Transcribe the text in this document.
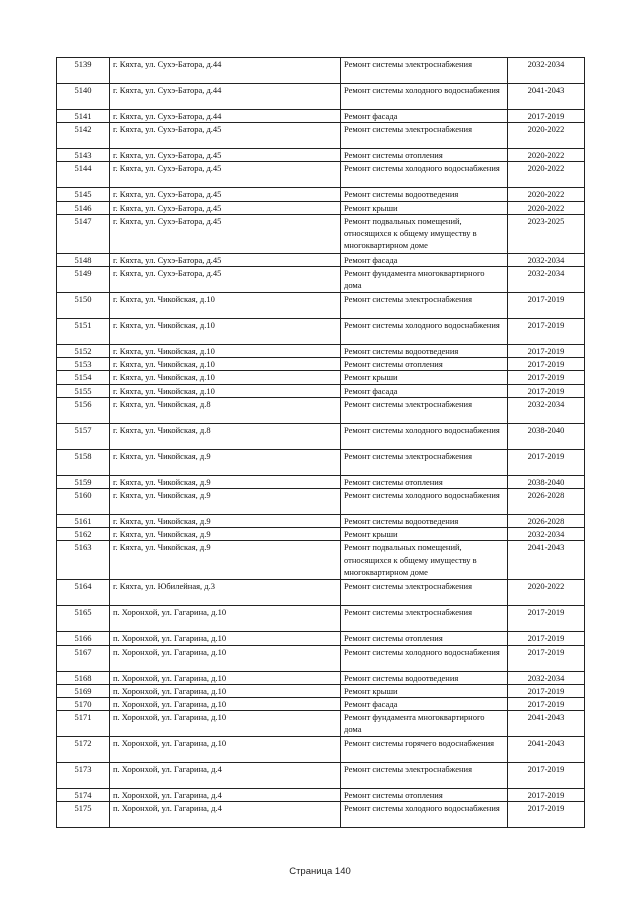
5139	г. Кяхта, ул. Сухэ-Батора, д.44	Ремонт системы электроснабжения	2032-2034
5140	г. Кяхта, ул. Сухэ-Батора, д.44	Ремонт системы холодного водоснабжения	2041-2043
5141	г. Кяхта, ул. Сухэ-Батора, д.44	Ремонт фасада	2017-2019
5142	г. Кяхта, ул. Сухэ-Батора, д.45	Ремонт системы электроснабжения	2020-2022
5143	г. Кяхта, ул. Сухэ-Батора, д.45	Ремонт системы отопления	2020-2022
5144	г. Кяхта, ул. Сухэ-Батора, д.45	Ремонт системы холодного водоснабжения	2020-2022
5145	г. Кяхта, ул. Сухэ-Батора, д.45	Ремонт системы водоотведения	2020-2022
5146	г. Кяхта, ул. Сухэ-Батора, д.45	Ремонт крыши	2020-2022
5147	г. Кяхта, ул. Сухэ-Батора, д.45	Ремонт подвальных помещений, относящихся к общему имуществу в многоквартирном доме	2023-2025
5148	г. Кяхта, ул. Сухэ-Батора, д.45	Ремонт фасада	2032-2034
5149	г. Кяхта, ул. Сухэ-Батора, д.45	Ремонт фундамента многоквартирного дома	2032-2034
5150	г. Кяхта, ул. Чикойская, д.10	Ремонт системы электроснабжения	2017-2019
5151	г. Кяхта, ул. Чикойская, д.10	Ремонт системы холодного водоснабжения	2017-2019
5152	г. Кяхта, ул. Чикойская, д.10	Ремонт системы водоотведения	2017-2019
5153	г. Кяхта, ул. Чикойская, д.10	Ремонт системы отопления	2017-2019
5154	г. Кяхта, ул. Чикойская, д.10	Ремонт крыши	2017-2019
5155	г. Кяхта, ул. Чикойская, д.10	Ремонт фасада	2017-2019
5156	г. Кяхта, ул. Чикойская, д.8	Ремонт системы электроснабжения	2032-2034
5157	г. Кяхта, ул. Чикойская, д.8	Ремонт системы холодного водоснабжения	2038-2040
5158	г. Кяхта, ул. Чикойская, д.9	Ремонт системы электроснабжения	2017-2019
5159	г. Кяхта, ул. Чикойская, д.9	Ремонт системы отопления	2038-2040
5160	г. Кяхта, ул. Чикойская, д.9	Ремонт системы холодного водоснабжения	2026-2028
5161	г. Кяхта, ул. Чикойская, д.9	Ремонт системы водоотведения	2026-2028
5162	г. Кяхта, ул. Чикойская, д.9	Ремонт крыши	2032-2034
5163	г. Кяхта, ул. Чикойская, д.9	Ремонт подвальных помещений, относящихся к общему имуществу в многоквартирном доме	2041-2043
5164	г. Кяхта, ул. Юбилейная, д.3	Ремонт системы электроснабжения	2020-2022
5165	п. Хоронхой, ул. Гагарина, д.10	Ремонт системы электроснабжения	2017-2019
5166	п. Хоронхой, ул. Гагарина, д.10	Ремонт системы отопления	2017-2019
5167	п. Хоронхой, ул. Гагарина, д.10	Ремонт системы холодного водоснабжения	2017-2019
5168	п. Хоронхой, ул. Гагарина, д.10	Ремонт системы водоотведения	2032-2034
5169	п. Хоронхой, ул. Гагарина, д.10	Ремонт крыши	2017-2019
5170	п. Хоронхой, ул. Гагарина, д.10	Ремонт фасада	2017-2019
5171	п. Хоронхой, ул. Гагарина, д.10	Ремонт фундамента многоквартирного дома	2041-2043
5172	п. Хоронхой, ул. Гагарина, д.10	Ремонт системы горячего водоснабжения	2041-2043
5173	п. Хоронхой, ул. Гагарина, д.4	Ремонт системы электроснабжения	2017-2019
5174	п. Хоронхой, ул. Гагарина, д.4	Ремонт системы отопления	2017-2019
5175	п. Хоронхой, ул. Гагарина, д.4	Ремонт системы холодного водоснабжения	2017-2019
Страница 140
